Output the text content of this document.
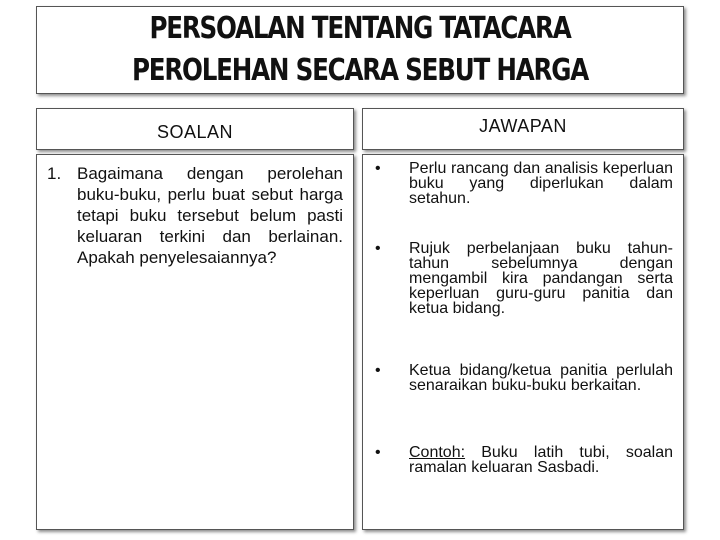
PERSOALAN TENTANG TATACARA
PEROLEHAN SECARA SEBUT HARGA
SOALAN	JAWAPAN
1. Bagaimana dengan perolehan buku-buku, perlu buat sebut harga tetapi buku tersebut belum pasti keluaran terkini dan berlainan. Apakah penyelesaiannya?
• Perlu rancang dan analisis keperluan buku yang diperlukan dalam setahun.
• Rujuk perbelanjaan buku tahun-tahun sebelumnya dengan mengambil kira pandangan serta keperluan guru-guru panitia dan ketua bidang.
• Ketua bidang/ketua panitia perlulah senaraikan buku-buku berkaitan.
• Contoh: Buku latih tubi, soalan ramalan keluaran Sasbadi.
